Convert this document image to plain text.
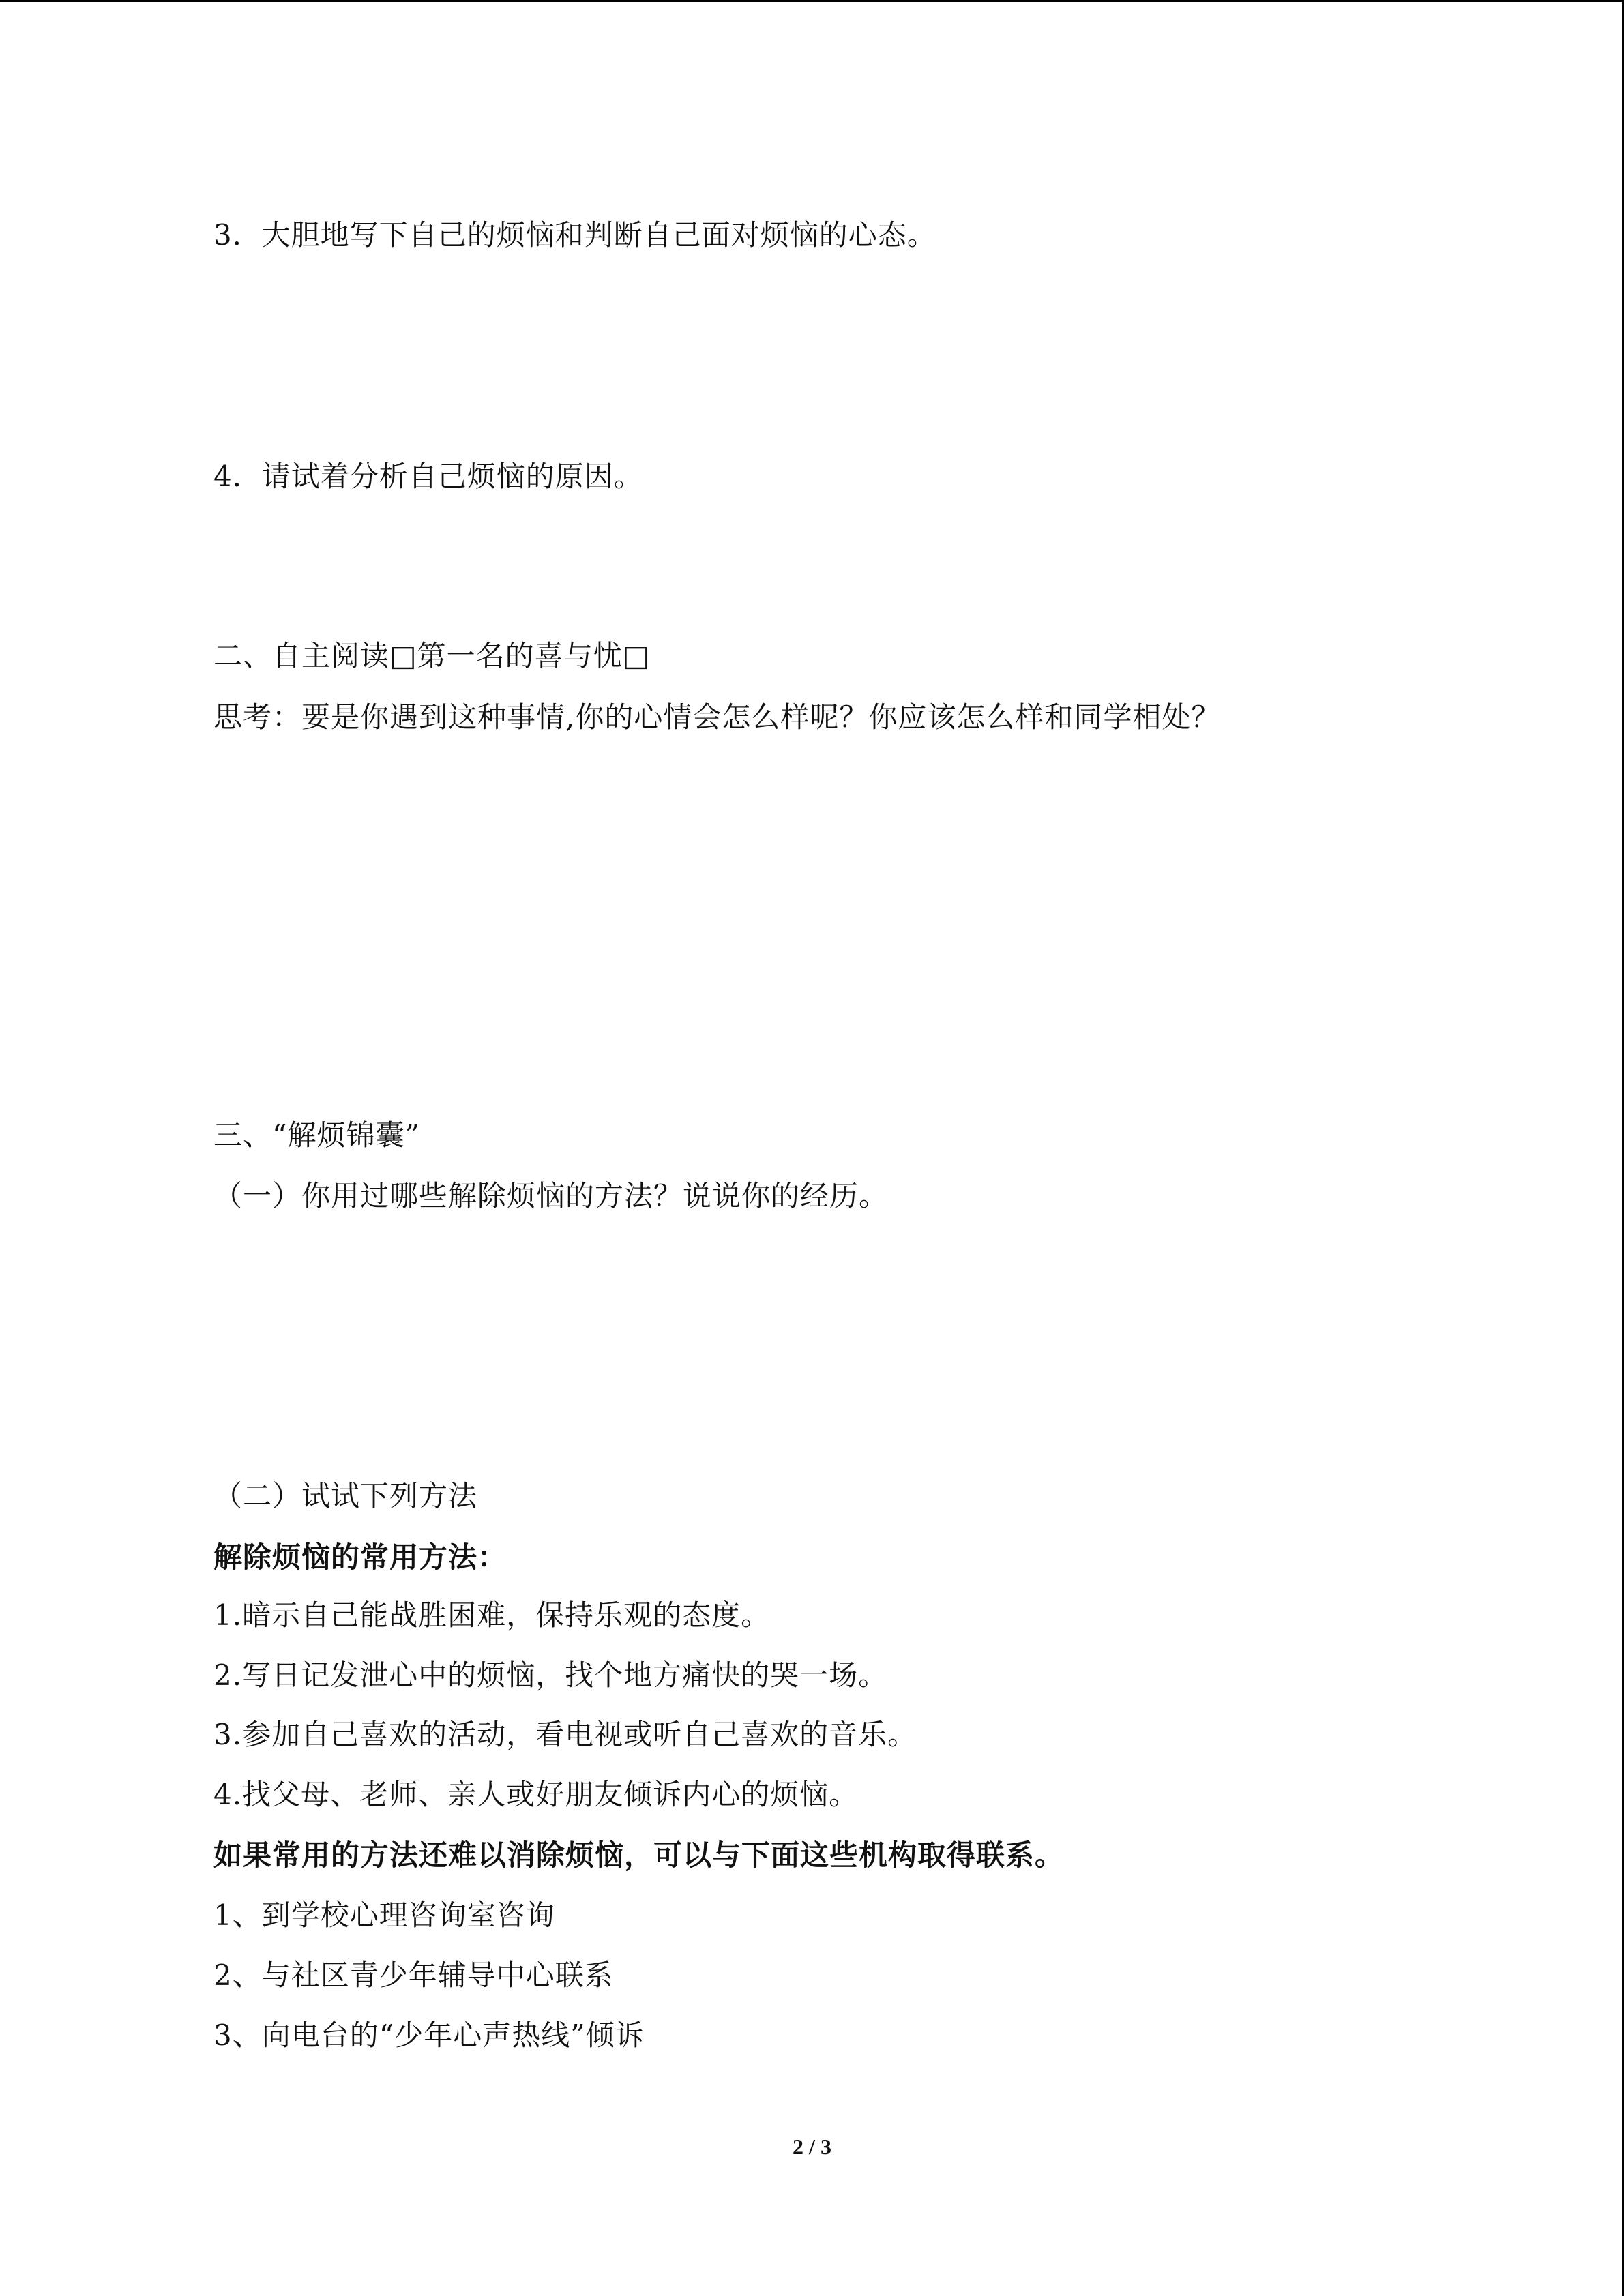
3．大胆地写下自己的烦恼和判断自己面对烦恼的心态。
4．请试着分析自己烦恼的原因。
二、自主阅读□第一名的喜与忧□
思考：要是你遇到这种事情,你的心情会怎么样呢？你应该怎么样和同学相处？
三、“解烦锦囊”
（一）你用过哪些解除烦恼的方法？说说你的经历。
（二）试试下列方法
解除烦恼的常用方法：
1.暗示自己能战胜困难，保持乐观的态度。
2.写日记发泄心中的烦恼，找个地方痛快的哭一场。
3.参加自己喜欢的活动，看电视或听自己喜欢的音乐。
4.找父母、老师、亲人或好朋友倾诉内心的烦恼。
如果常用的方法还难以消除烦恼，可以与下面这些机构取得联系。
1、到学校心理咨询室咨询
2、与社区青少年辅导中心联系
3、向电台的“少年心声热线”倾诉
2 / 3
